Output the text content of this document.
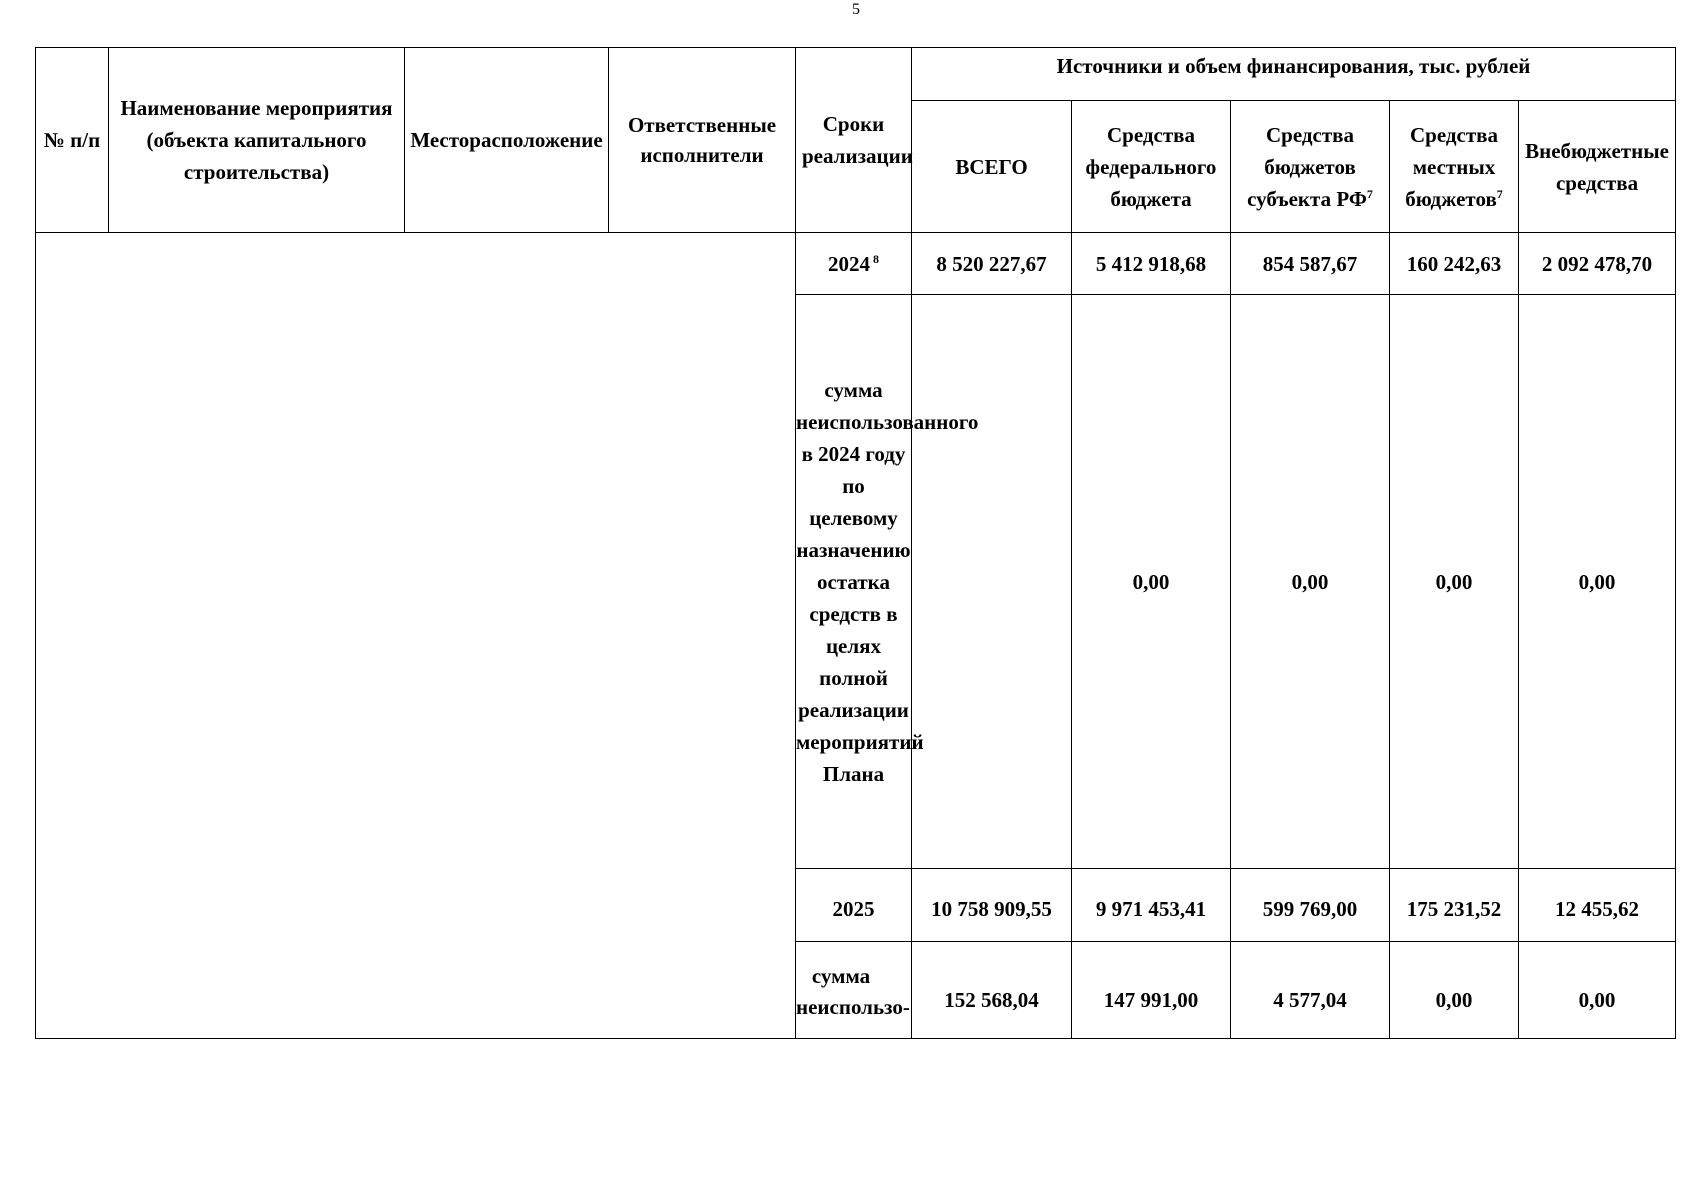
5
№ п/п	Наименование мероприятия (объекта капитального строительства)	Месторасположение	Ответственные исполнители	Сроки реализации	Источники и объем финансирования, тыс. рублей				
					ВСЕГО	Средства федерального бюджета	Средства бюджетов субъекта $РФ^7$	Средства местных бюджетов$^7$	Внебюджетные средства
				2024 $^8$	8 520 227,67	5 412 918,68	854 587,67	160 242,63	2 092 478,70
				сумма неиспользованного в 2024 году по целевому назначению остатка средств в целях полной реализации мероприятий Плана		0,00	0,00	0,00	0,00
				2025	10 758 909,55	9 971 453,41	599 769,00	175 231,52	12 455,62

				сумма неиспользо-	152 568,04	147 991,00	4 577,04	0,00	0,00
